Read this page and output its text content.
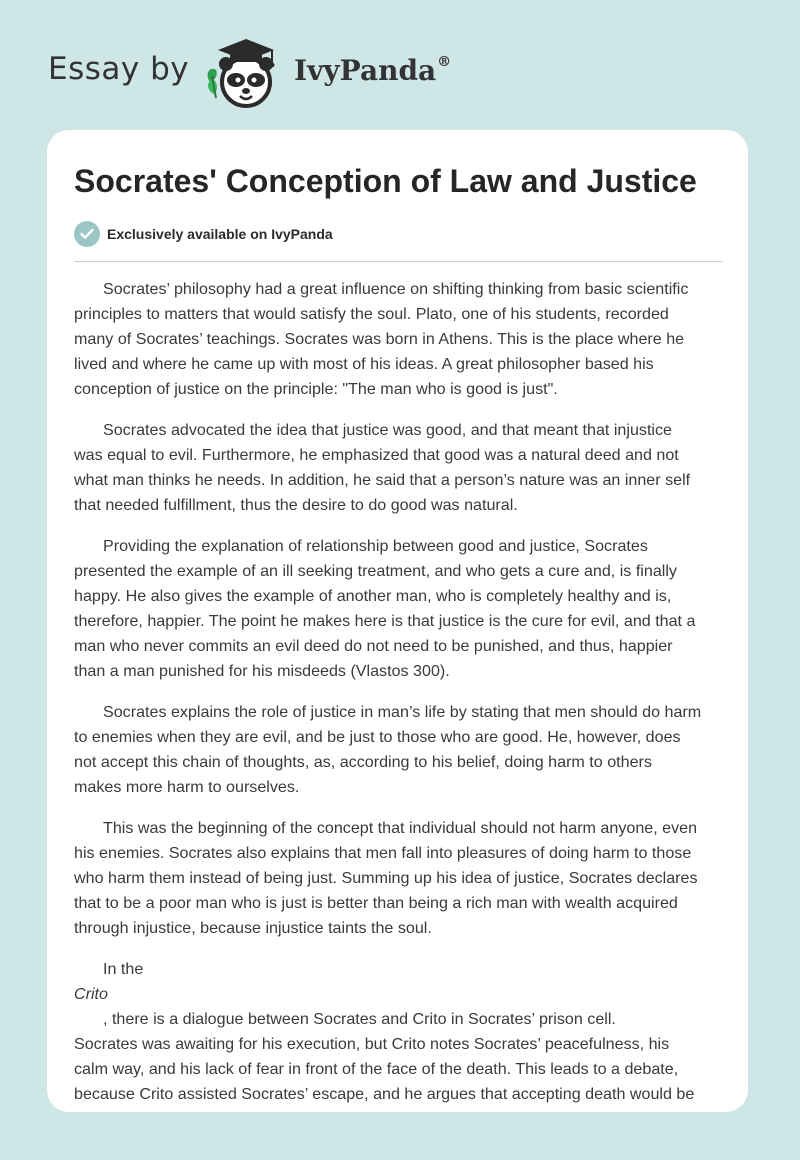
Essay by	IvyPanda®
Socrates' Conception of Law and Justice
Exclusively available on IvyPanda

Socrates’ philosophy had a great influence on shifting thinking from basic scientific
principles to matters that would satisfy the soul. Plato, one of his students, recorded
many of Socrates’ teachings. Socrates was born in Athens. This is the place where he
lived and where he came up with most of his ideas. A great philosopher based his
conception of justice on the principle: "The man who is good is just".

Socrates advocated the idea that justice was good, and that meant that injustice
was equal to evil. Furthermore, he emphasized that good was a natural deed and not
what man thinks he needs. In addition, he said that a person’s nature was an inner self
that needed fulfillment, thus the desire to do good was natural.

Providing the explanation of relationship between good and justice, Socrates
presented the example of an ill seeking treatment, and who gets a cure and, is finally
happy. He also gives the example of another man, who is completely healthy and is,
therefore, happier. The point he makes here is that justice is the cure for evil, and that a
man who never commits an evil deed do not need to be punished, and thus, happier
than a man punished for his misdeeds (Vlastos 300).

Socrates explains the role of justice in man’s life by stating that men should do harm
to enemies when they are evil, and be just to those who are good. He, however, does
not accept this chain of thoughts, as, according to his belief, doing harm to others
makes more harm to ourselves.

This was the beginning of the concept that individual should not harm anyone, even
his enemies. Socrates also explains that men fall into pleasures of doing harm to those
who harm them instead of being just. Summing up his idea of justice, Socrates declares
that to be a poor man who is just is better than being a rich man with wealth acquired
through injustice, because injustice taints the soul.

In the
Crito
, there is a dialogue between Socrates and Crito in Socrates’ prison cell.
Socrates was awaiting for his execution, but Crito notes Socrates’ peacefulness, his
calm way, and his lack of fear in front of the face of the death. This leads to a debate,
because Crito assisted Socrates’ escape, and he argues that accepting death would be
